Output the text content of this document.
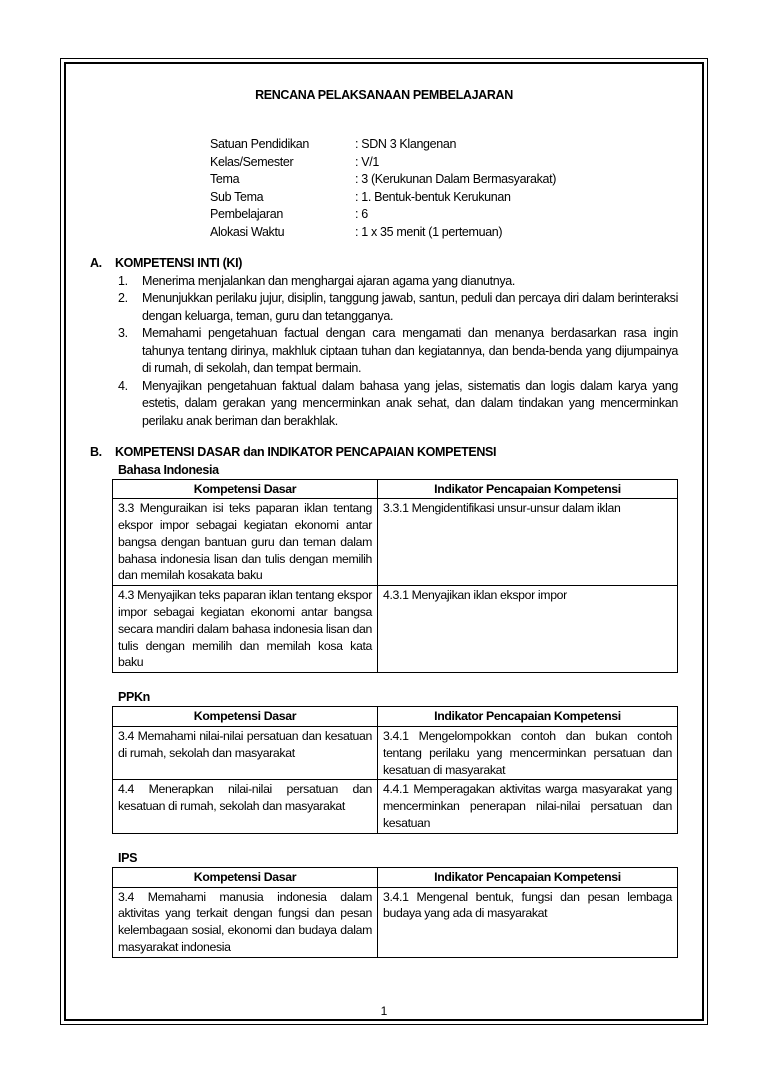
RENCANA PELAKSANAAN PEMBELAJARAN
Satuan Pendidikan	: SDN 3 Klangenan
Kelas/Semester	: V/1
Tema	: 3 (Kerukunan Dalam Bermasyarakat)
Sub Tema	: 1. Bentuk-bentuk Kerukunan
Pembelajaran	: 6
Alokasi Waktu	: 1 x 35 menit (1 pertemuan)
A.	KOMPETENSI INTI (KI)
1.	Menerima menjalankan dan menghargai ajaran agama yang dianutnya.
2.	Menunjukkan perilaku jujur, disiplin, tanggung jawab, santun, peduli dan percaya diri dalam berinteraksi dengan keluarga, teman, guru dan tetangganya.
3.	Memahami pengetahuan factual dengan cara mengamati dan menanya berdasarkan rasa ingin tahunya tentang dirinya, makhluk ciptaan tuhan dan kegiatannya, dan benda-benda yang dijumpainya di rumah, di sekolah, dan tempat bermain.
4.	Menyajikan pengetahuan faktual dalam bahasa yang jelas, sistematis dan logis dalam karya yang estetis, dalam gerakan yang mencerminkan anak sehat, dan dalam tindakan yang mencerminkan perilaku anak beriman dan berakhlak.
B.	KOMPETENSI DASAR dan INDIKATOR PENCAPAIAN KOMPETENSI
Bahasa Indonesia
Kompetensi Dasar	Indikator Pencapaian Kompetensi
3.3 Menguraikan isi teks paparan iklan tentang ekspor impor sebagai kegiatan ekonomi antar bangsa dengan bantuan guru dan teman dalam bahasa indonesia lisan dan tulis dengan memilih dan memilah kosakata baku	3.3.1 Mengidentifikasi unsur-unsur dalam iklan
4.3 Menyajikan teks paparan iklan tentang ekspor impor sebagai kegiatan ekonomi antar bangsa secara mandiri dalam bahasa indonesia lisan dan tulis dengan memilih dan memilah kosa kata baku	4.3.1 Menyajikan iklan ekspor impor
PPKn
Kompetensi Dasar	Indikator Pencapaian Kompetensi
3.4 Memahami nilai-nilai persatuan dan kesatuan di rumah, sekolah dan masyarakat	3.4.1 Mengelompokkan contoh dan bukan contoh tentang perilaku yang mencerminkan persatuan dan kesatuan di masyarakat
4.4 Menerapkan nilai-nilai persatuan dan kesatuan di rumah, sekolah dan masyarakat	4.4.1 Memperagakan aktivitas warga masyarakat yang mencerminkan penerapan nilai-nilai persatuan dan kesatuan
IPS
Kompetensi Dasar	Indikator Pencapaian Kompetensi
3.4 Memahami manusia indonesia dalam aktivitas yang terkait dengan fungsi dan pesan kelembagaan sosial, ekonomi dan budaya dalam masyarakat indonesia	3.4.1 Mengenal bentuk, fungsi dan pesan lembaga budaya yang ada di masyarakat
1
